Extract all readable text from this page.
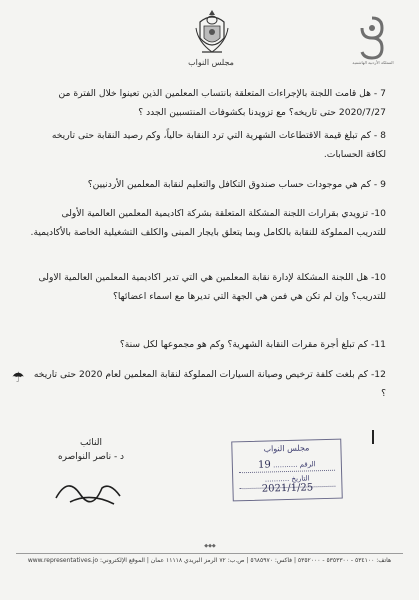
مجلس النواب	المملكة الأردنية الهاشمية
7 - هل قامت اللجنة بالإجراءات المتعلقة بانتساب المعلمين الذين تعينوا خلال الفترة من 2020/7/27 حتى تاريخه؟ مع تزويدنا بكشوفات المنتسبين الجدد ؟
8 - كم تبلغ قيمة الاقتطاعات الشهرية التي ترد النقابة حالياً، وكم رصيد النقابة حتى تاريخه لكافة الحسابات.
9 - كم هي موجودات حساب صندوق التكافل والتعليم لنقابة المعلمين الأردنيين؟
10- تزويدي بقرارات اللجنة المشكلة المتعلقة بشركة اكاديمية المعلمين العالمية الأولى للتدريب المملوكة للنقابة بالكامل وبما يتعلق بايجار المبنى والكلف التشغيلية الخاصة بالأكاديمية.
10- هل اللجنة المشكلة لإدارة نقابة المعلمين هي التي تدير اكاديمية المعلمين العالمية الاولى للتدريب؟ وإن لم تكن هي فمن هي الجهة التي تديرها مع اسماء اعضائها؟
11- كم تبلغ أجرة مقرات النقابة الشهرية؟ وكم هو مجموعها لكل سنة؟
12- كم بلغت كلفة ترخيص وصيانة السيارات المملوكة لنقابة المعلمين لعام 2020 حتى تاريخه ؟
☂
مجلس النواب
الرقم ........... 19
التاريخ ........... 2021/1/25
النائب
د - ناصر النواصره
◆◆◆
هاتف: ٥٣٤١٠٠ - ٥٣٥٣٣٠٠ - ٥٣٥٢٠٠٠ | فاكس: ٥٦٨٥٩٧٠ | ص.ب: ٧٢ الرمز البريدي ١١١١٨ عمان | الموقع الإلكتروني: www.representatives.jo
